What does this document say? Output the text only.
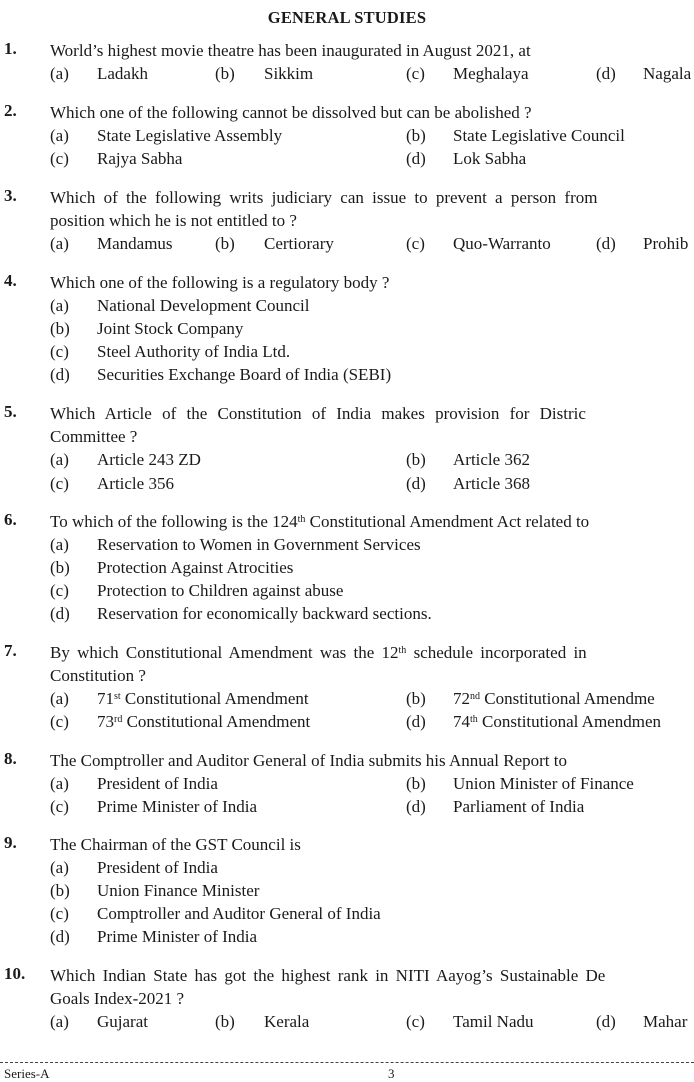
GENERAL STUDIES
1. World’s highest movie theatre has been inaugurated in August 2021, at
(a) Ladakh	(b) Sikkim	(c) Meghalaya	(d) Nagala
2. Which one of the following cannot be dissolved but can be abolished ?
(a) State Legislative Assembly	(b) State Legislative Council
(c) Rajya Sabha	(d) Lok Sabha
3. Which of the following writs judiciary can issue to prevent a person from
position which he is not entitled to ?
(a) Mandamus (b) Certiorary	(c) Quo-Warranto	(d) Prohib
4. Which one of the following is a regulatory body ?
(a) National Development Council
(b) Joint Stock Company
(c) Steel Authority of India Ltd.
(d) Securities Exchange Board of India (SEBI)
5. Which Article of the Constitution of India makes provision for Distric
Committee ?
(a) Article 243 ZD	(b) Article 362
(c) Article 356	(d) Article 368
6. To which of the following is the 124th Constitutional Amendment Act related to
(a) Reservation to Women in Government Services
(b) Protection Against Atrocities
(c) Protection to Children against abuse
(d) Reservation for economically backward sections.
7. By which Constitutional Amendment was the 12th schedule incorporated in
Constitution ?
(a) 71st Constitutional Amendment	(b) 72nd Constitutional Amendme
(c) 73rd Constitutional Amendment	(d) 74th Constitutional Amendmen
8. The Comptroller and Auditor General of India submits his Annual Report to
(a) President of India	(b) Union Minister of Finance
(c) Prime Minister of India	(d) Parliament of India
9. The Chairman of the GST Council is
(a) President of India
(b) Union Finance Minister
(c) Comptroller and Auditor General of India
(d) Prime Minister of India
10. Which Indian State has got the highest rank in NITI Aayog’s Sustainable De
Goals Index-2021 ?
(a) Gujarat	(b) Kerala	(c) Tamil Nadu	(d) Mahar
Series-A	3
